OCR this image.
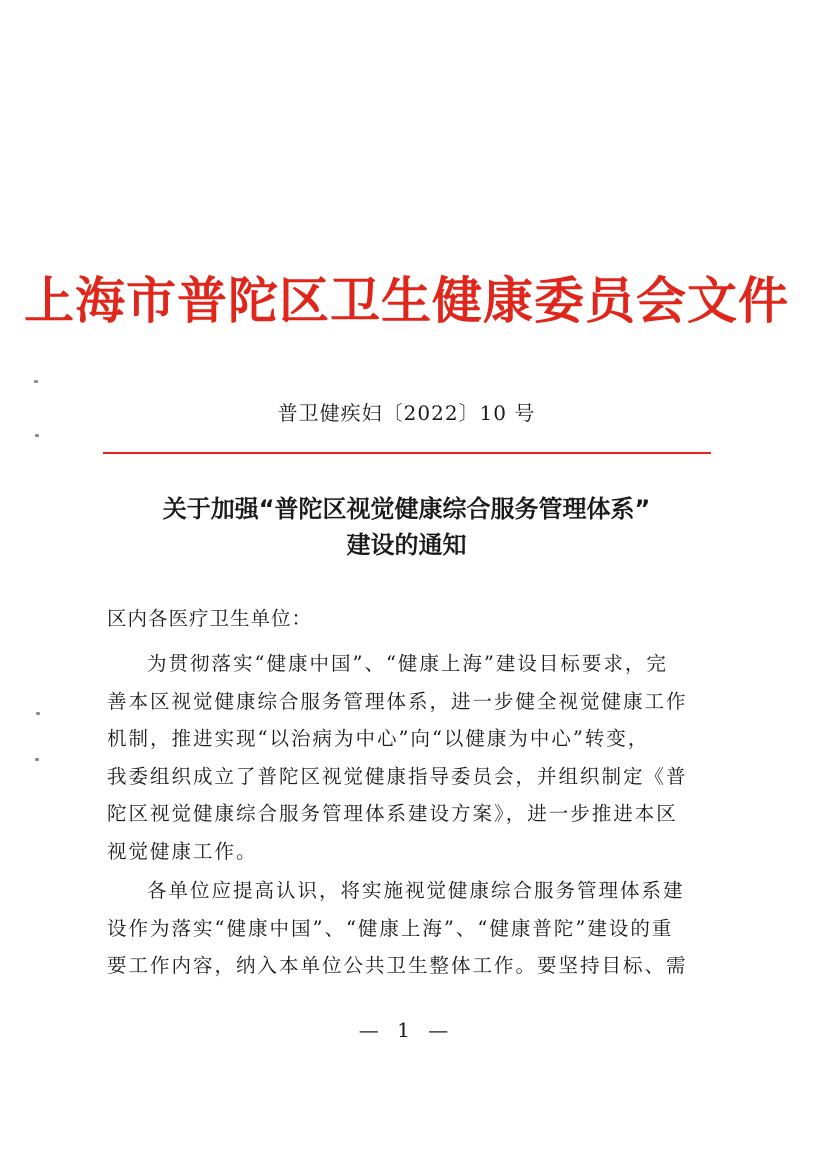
上海市普陀区卫生健康委员会文件
普卫健疾妇〔2022〕10 号
关于加强“普陀区视觉健康综合服务管理体系”
建设的通知
区内各医疗卫生单位：
为贯彻落实“健康中国”、“健康上海”建设目标要求，完
善本区视觉健康综合服务管理体系，进一步健全视觉健康工作
机制，推进实现“以治病为中心”向“以健康为中心”转变，
我委组织成立了普陀区视觉健康指导委员会，并组织制定《普
陀区视觉健康综合服务管理体系建设方案》，进一步推进本区
视觉健康工作。
各单位应提高认识，将实施视觉健康综合服务管理体系建
设作为落实“健康中国”、“健康上海”、“健康普陀”建设的重
要工作内容，纳入本单位公共卫生整体工作。要坚持目标、需
— 1 —
